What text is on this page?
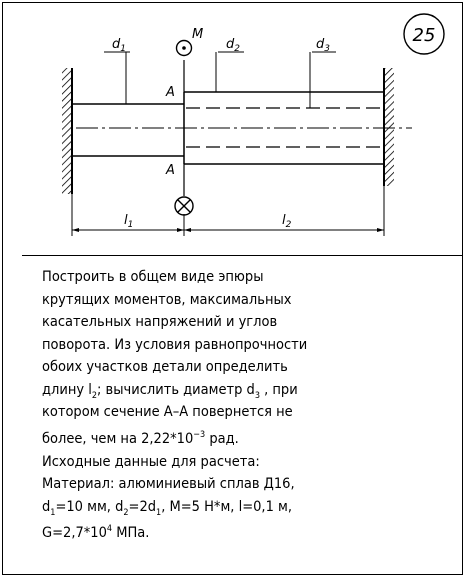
$d_1$	$d_2$	$d_3$
M
A
A
$l_1$	$l_2$
25
Построить в общем виде эпюры
крутящих моментов, максимальных
касательных напряжений и углов
поворота. Из условия равнопрочности
обоих участков детали определить
длину $l_2$; вычислить диаметр $d_3$ , при
котором сечение А–А повернется не
более, чем на $2,22*10^{-3}$ рад.
Исходные данные для расчета:
Материал: алюминиевый сплав Д16,
$d_1=10$ мм, $d_2=2d_1$, M=5 Н*м, l=0,1 м,
$G=2,7*10^4$ МПа.
